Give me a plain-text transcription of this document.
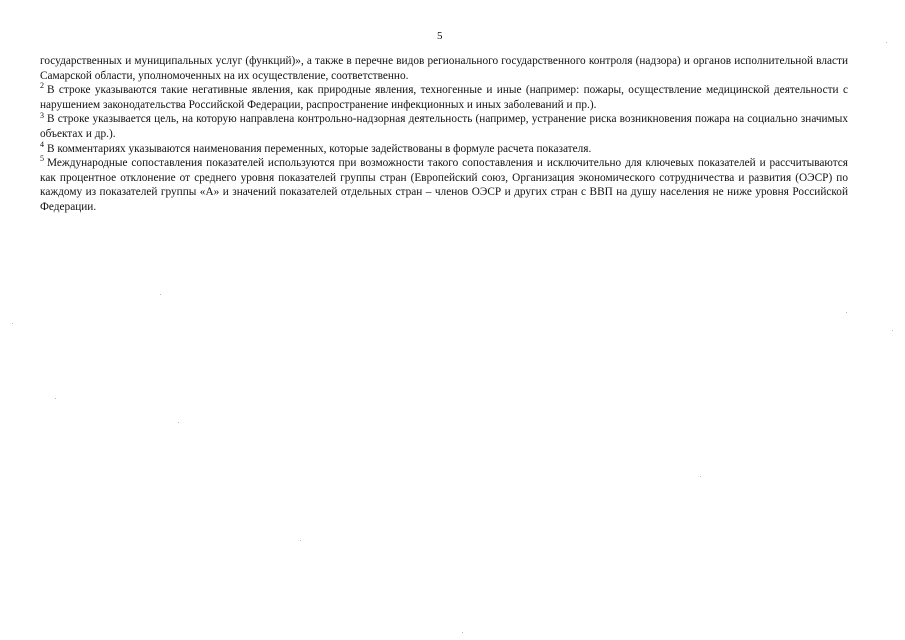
5

государственных и муниципальных услуг (функций)», а также в перечне видов регионального государственного контроля (надзора) и органов исполнительной власти Самарской области, уполномоченных на их осуществление, соответственно.

$^2$ В строке указываются такие негативные явления, как природные явления, техногенные и иные (например: пожары, осуществление медицинской деятельности с нарушением законодательства Российской Федерации, распространение инфекционных и иных заболеваний и пр.).

$^3$ В строке указывается цель, на которую направлена контрольно-надзорная деятельность (например, устранение риска возникновения пожара на социально значимых объектах и др.).

$^4$ В комментариях указываются наименования переменных, которые задействованы в формуле расчета показателя.

$^5$ Международные сопоставления показателей используются при возможности такого сопоставления и исключительно для ключевых показателей и рассчитываются как процентное отклонение от среднего уровня показателей группы стран (Европейский союз, Организация экономического сотрудничества и развития (ОЭСР) по каждому из показателей группы «А» и значений показателей отдельных стран – членов ОЭСР и других стран с ВВП на душу населения не ниже уровня Российской Федерации.
